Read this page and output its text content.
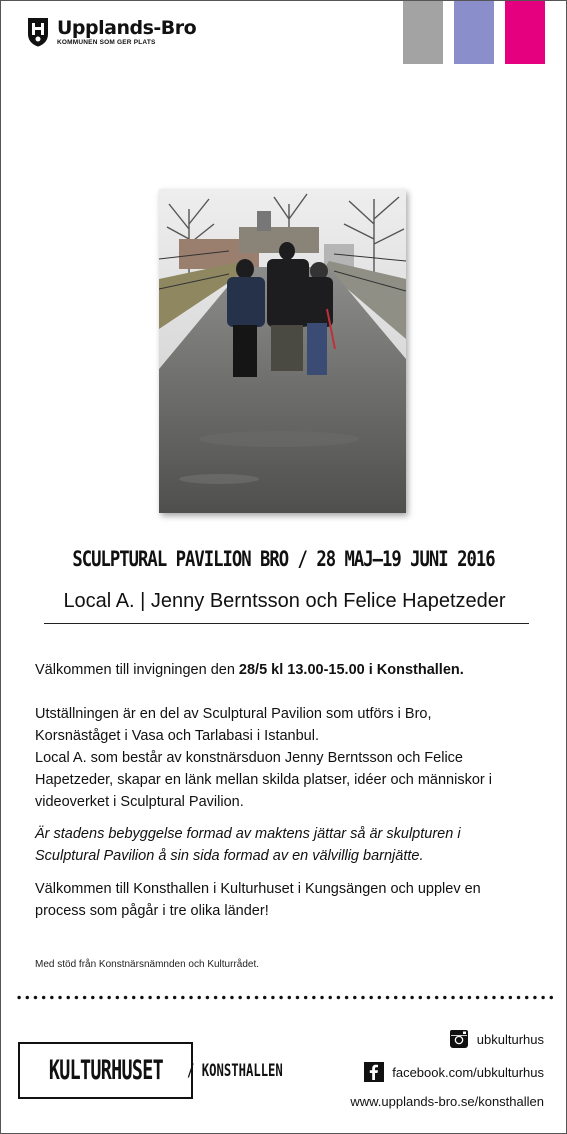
Upplands-Bro
KOMMUNEN SOM GER PLATS
SCULPTURAL PAVILION BRO / 28 MAJ–19 JUNI 2016
Local A. | Jenny Berntsson och Felice Hapetzeder

Välkommen till invigningen den 28/5 kl 13.00-15.00 i Konsthallen.

Utställningen är en del av Sculptural Pavilion som utförs i Bro,

Korsnäståget i Vasa och Tarlabasi i Istanbul.

Local A. som består av konstnärsduon Jenny Berntsson och Felice

Hapetzeder, skapar en länk mellan skilda platser, idéer och människor i

videoverket i Sculptural Pavilion.

Är stadens bebyggelse formad av maktens jättar så är skulpturen i

Sculptural Pavilion å sin sida formad av en välvillig barnjätte.

Välkommen till Konsthallen i Kulturhuset i Kungsängen och upplev en

process som pågår i tre olika länder!

Med stöd från Konstnärsnämnden och Kulturrådet.
KULTURHUSET / KONSTHALLEN
ubkulturhus
facebook.com/ubkulturhus
www.upplands-bro.se/konsthallen
